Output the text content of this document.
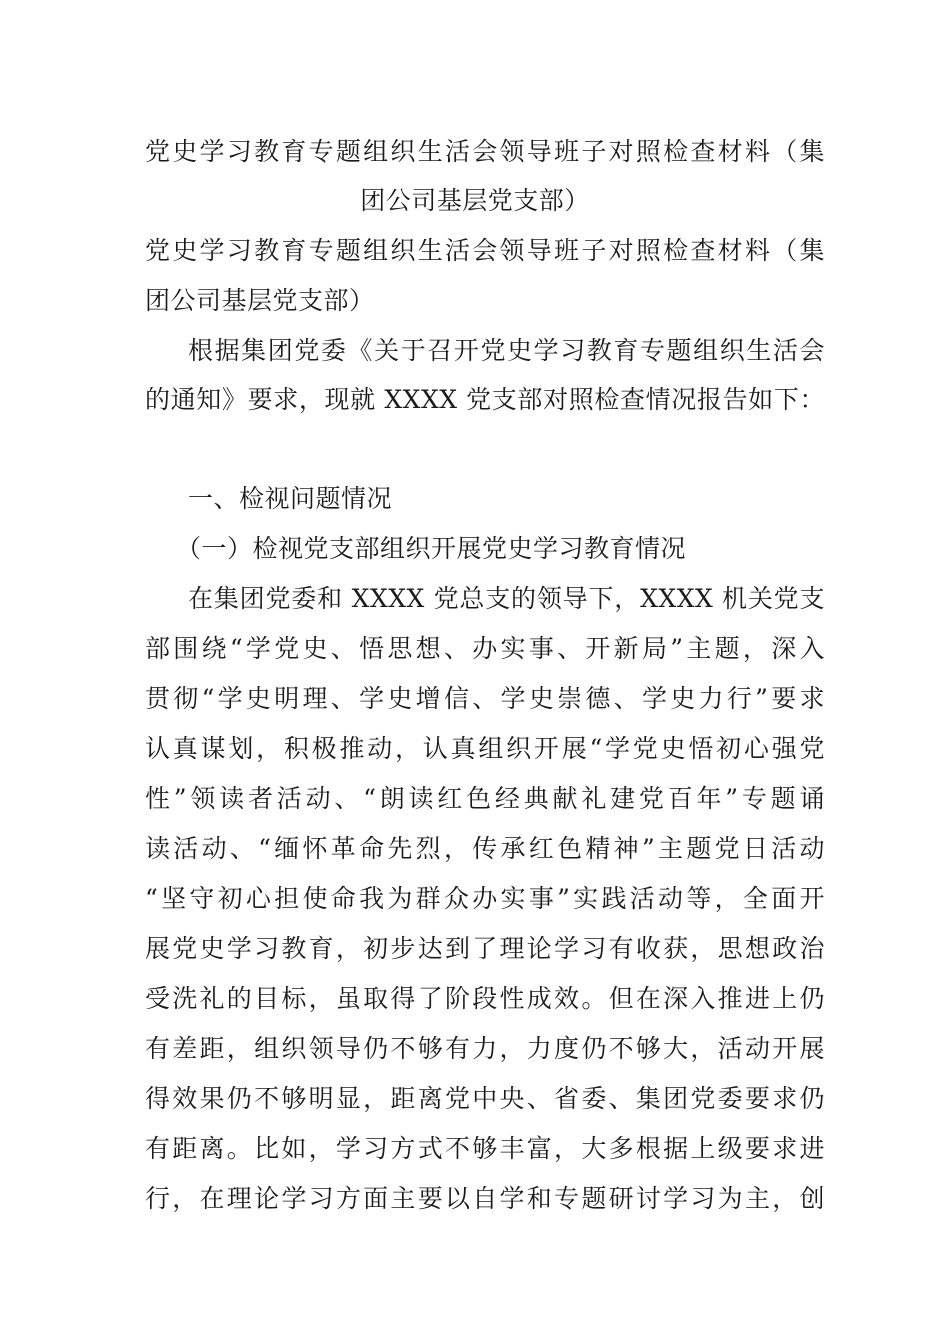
党史学习教育专题组织生活会领导班子对照检查材料（集
团公司基层党支部）
党史学习教育专题组织生活会领导班子对照检查材料（集
团公司基层党支部）
根据集团党委《关于召开党史学习教育专题组织生活会
的通知》要求，现就 XXXX 党支部对照检查情况报告如下：
一、检视问题情况
（一）检视党支部组织开展党史学习教育情况
在集团党委和 XXXX 党总支的领导下，XXXX 机关党支
部围绕“学党史、悟思想、办实事、开新局”主题，深入
贯彻“学史明理、学史增信、学史崇德、学史力行”要求
认真谋划，积极推动，认真组织开展“学党史悟初心强党
性”领读者活动、“朗读红色经典献礼建党百年”专题诵
读活动、“缅怀革命先烈，传承红色精神”主题党日活动
“坚守初心担使命我为群众办实事”实践活动等，全面开
展党史学习教育，初步达到了理论学习有收获，思想政治
受洗礼的目标，虽取得了阶段性成效。但在深入推进上仍
有差距，组织领导仍不够有力，力度仍不够大，活动开展
得效果仍不够明显，距离党中央、省委、集团党委要求仍
有距离。比如，学习方式不够丰富，大多根据上级要求进
行，在理论学习方面主要以自学和专题研讨学习为主，创
